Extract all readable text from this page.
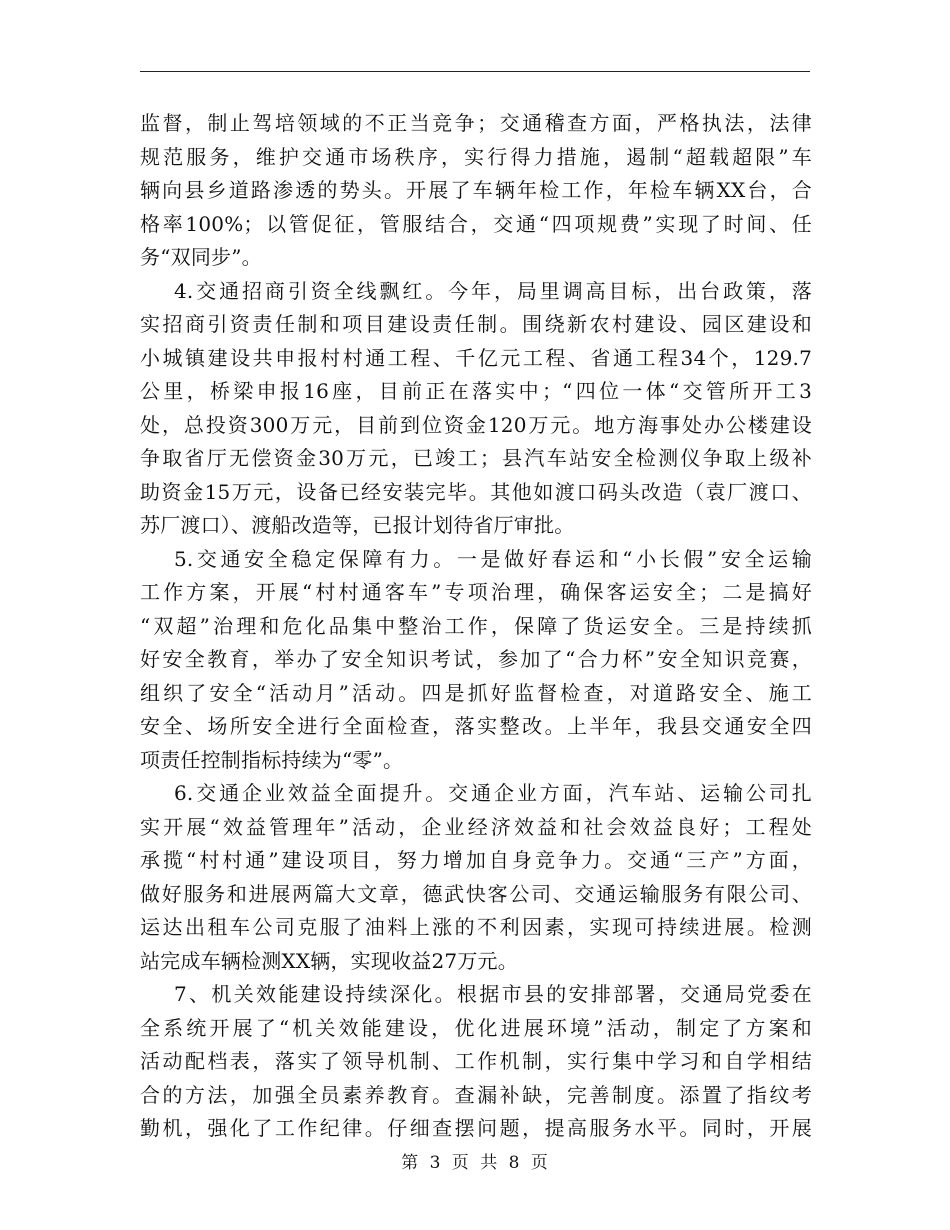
监督，制止驾培领域的不正当竞争；交通稽查方面，严格执法，法律
规范服务，维护交通市场秩序，实行得力措施，遏制“超载超限”车
辆向县乡道路渗透的势头。开展了车辆年检工作，年检车辆XX台，合
格率100%；以管促征，管服结合，交通“四项规费”实现了时间、任
务“双同步”。
4.交通招商引资全线飘红。今年，局里调高目标，出台政策，落
实招商引资责任制和项目建设责任制。围绕新农村建设、园区建设和
小城镇建设共申报村村通工程、千亿元工程、省通工程34个，129.7
公里，桥梁申报16座，目前正在落实中；“四位一体“交管所开工3
处，总投资300万元，目前到位资金120万元。地方海事处办公楼建设
争取省厅无偿资金30万元，已竣工；县汽车站安全检测仪争取上级补
助资金15万元，设备已经安装完毕。其他如渡口码头改造（袁厂渡口、
苏厂渡口）、渡船改造等，已报计划待省厅审批。
5.交通安全稳定保障有力。一是做好春运和“小长假”安全运输
工作方案，开展“村村通客车”专项治理，确保客运安全；二是搞好
“双超”治理和危化品集中整治工作，保障了货运安全。三是持续抓
好安全教育，举办了安全知识考试，参加了“合力杯”安全知识竞赛，
组织了安全“活动月”活动。四是抓好监督检查，对道路安全、施工
安全、场所安全进行全面检查，落实整改。上半年，我县交通安全四
项责任控制指标持续为“零”。
6.交通企业效益全面提升。交通企业方面，汽车站、运输公司扎
实开展“效益管理年”活动，企业经济效益和社会效益良好；工程处
承揽“村村通”建设项目，努力增加自身竞争力。交通“三产”方面，
做好服务和进展两篇大文章，德武快客公司、交通运输服务有限公司、
运达出租车公司克服了油料上涨的不利因素，实现可持续进展。检测
站完成车辆检测XX辆，实现收益27万元。
7、机关效能建设持续深化。根据市县的安排部署，交通局党委在
全系统开展了“机关效能建设，优化进展环境”活动，制定了方案和
活动配档表，落实了领导机制、工作机制，实行集中学习和自学相结
合的方法，加强全员素养教育。查漏补缺，完善制度。添置了指纹考
勤机，强化了工作纪律。仔细查摆问题，提高服务水平。同时，开展
第 3 页 共 8 页
